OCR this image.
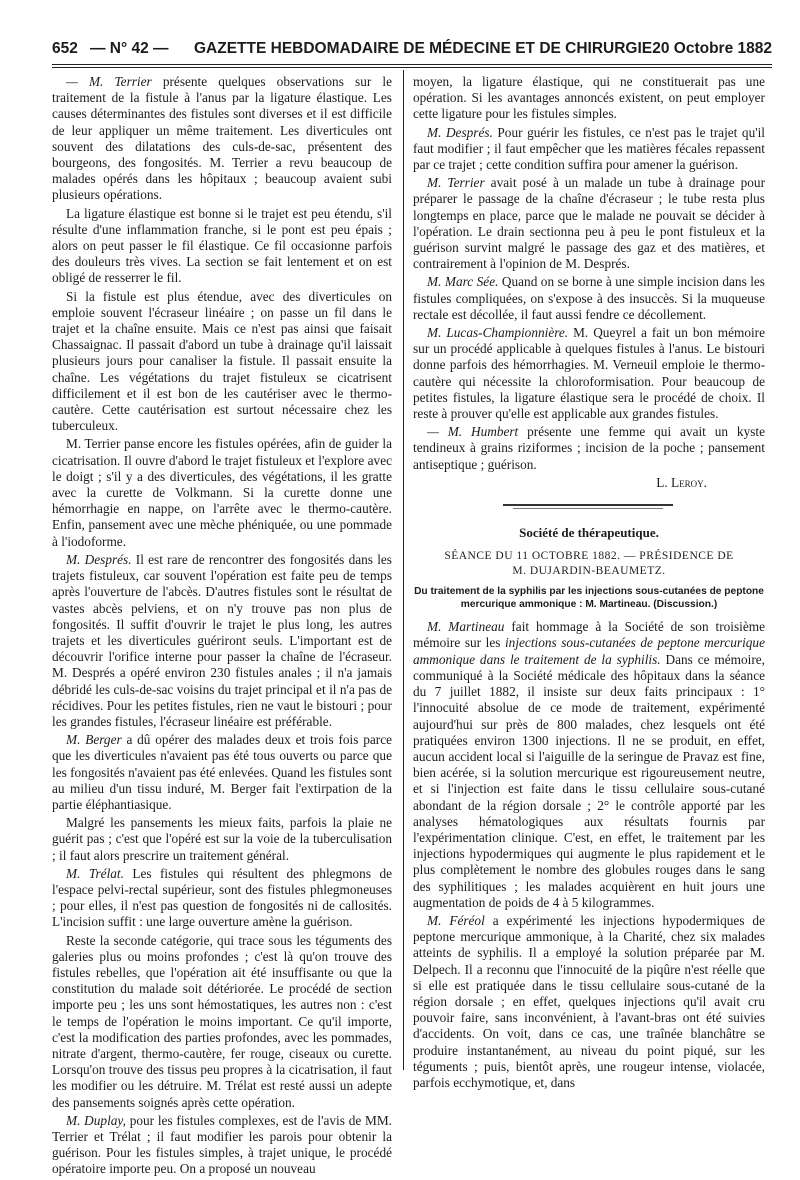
652 — N° 42 — GAZETTE HEBDOMADAIRE DE MÉDECINE ET DE CHIRURGIE 20 Octobre 1882

— M. Terrier présente quelques observations sur le traitement de la fistule à l'anus par la ligature élastique. Les causes déterminantes des fistules sont diverses et il est difficile de leur appliquer un même traitement. Les diverticules ont souvent des dilatations des culs-de-sac, présentent des bourgeons, des fongosités. M. Terrier a revu beaucoup de malades opérés dans les hôpitaux ; beaucoup avaient subi plusieurs opérations.

La ligature élastique est bonne si le trajet est peu étendu, s'il résulte d'une inflammation franche, si le pont est peu épais ; alors on peut passer le fil élastique. Ce fil occasionne parfois des douleurs très vives. La section se fait lentement et on est obligé de resserrer le fil.

Si la fistule est plus étendue, avec des diverticules on emploie souvent l'écraseur linéaire ; on passe un fil dans le trajet et la chaîne ensuite. Mais ce n'est pas ainsi que faisait Chassaignac. Il passait d'abord un tube à drainage qu'il laissait plusieurs jours pour canaliser la fistule. Il passait ensuite la chaîne. Les végétations du trajet fistuleux se cicatrisent difficilement et il est bon de les cautériser avec le thermo-cautère. Cette cautérisation est surtout nécessaire chez les tuberculeux.

M. Terrier panse encore les fistules opérées, afin de guider la cicatrisation. Il ouvre d'abord le trajet fistuleux et l'explore avec le doigt ; s'il y a des diverticules, des végétations, il les gratte avec la curette de Volkmann. Si la curette donne une hémorrhagie en nappe, on l'arrête avec le thermo-cautère. Enfin, pansement avec une mèche phéniquée, ou une pommade à l'iodoforme.

M. Després. Il est rare de rencontrer des fongosités dans les trajets fistuleux, car souvent l'opération est faite peu de temps après l'ouverture de l'abcès. D'autres fistules sont le résultat de vastes abcès pelviens, et on n'y trouve pas non plus de fongosités. Il suffit d'ouvrir le trajet le plus long, les autres trajets et les diverticules guériront seuls. L'important est de découvrir l'orifice interne pour passer la chaîne de l'écraseur. M. Després a opéré environ 230 fistules anales ; il n'a jamais débridé les culs-de-sac voisins du trajet principal et il n'a pas de récidives. Pour les petites fistules, rien ne vaut le bistouri ; pour les grandes fistules, l'écraseur linéaire est préférable.

M. Berger a dû opérer des malades deux et trois fois parce que les diverticules n'avaient pas été tous ouverts ou parce que les fongosités n'avaient pas été enlevées. Quand les fistules sont au milieu d'un tissu induré, M. Berger fait l'extirpation de la partie éléphantiasique.

Malgré les pansements les mieux faits, parfois la plaie ne guérit pas ; c'est que l'opéré est sur la voie de la tuberculisation ; il faut alors prescrire un traitement général.

M. Trélat. Les fistules qui résultent des phlegmons de l'espace pelvi-rectal supérieur, sont des fistules phlegmoneuses ; pour elles, il n'est pas question de fongosités ni de callosités. L'incision suffit : une large ouverture amène la guérison.

Reste la seconde catégorie, qui trace sous les téguments des galeries plus ou moins profondes ; c'est là qu'on trouve des fistules rebelles, que l'opération ait été insuffisante ou que la constitution du malade soit détériorée. Le procédé de section importe peu ; les uns sont hémostatiques, les autres non : c'est le temps de l'opération le moins important. Ce qu'il importe, c'est la modification des parties profondes, avec les pommades, nitrate d'argent, thermo-cautère, fer rouge, ciseaux ou curette. Lorsqu'on trouve des tissus peu propres à la cicatrisation, il faut les modifier ou les détruire. M. Trélat est resté aussi un adepte des pansements soignés après cette opération.

M. Duplay, pour les fistules complexes, est de l'avis de MM. Terrier et Trélat ; il faut modifier les parois pour obtenir la guérison. Pour les fistules simples, à trajet unique, le procédé opératoire importe peu. On a proposé un nouveau

moyen, la ligature élastique, qui ne constituerait pas une opération. Si les avantages annoncés existent, on peut employer cette ligature pour les fistules simples.

M. Després. Pour guérir les fistules, ce n'est pas le trajet qu'il faut modifier ; il faut empêcher que les matières fécales repassent par ce trajet ; cette condition suffira pour amener la guérison.

M. Terrier avait posé à un malade un tube à drainage pour préparer le passage de la chaîne d'écraseur ; le tube resta plus longtemps en place, parce que le malade ne pouvait se décider à l'opération. Le drain sectionna peu à peu le pont fistuleux et la guérison survint malgré le passage des gaz et des matières, et contrairement à l'opinion de M. Després.

M. Marc Sée. Quand on se borne à une simple incision dans les fistules compliquées, on s'expose à des insuccès. Si la muqueuse rectale est décollée, il faut aussi fendre ce décollement.

M. Lucas-Championnière. M. Queyrel a fait un bon mémoire sur un procédé applicable à quelques fistules à l'anus. Le bistouri donne parfois des hémorrhagies. M. Verneuil emploie le thermo-cautère qui nécessite la chloroformisation. Pour beaucoup de petites fistules, la ligature élastique sera le procédé de choix. Il reste à prouver qu'elle est applicable aux grandes fistules.

— M. Humbert présente une femme qui avait un kyste tendineux à grains riziformes ; incision de la poche ; pansement antiseptique ; guérison.

L. Leroy.

Société de thérapeutique.
SÉANCE DU 11 OCTOBRE 1882. — PRÉSIDENCE DE
M. DUJARDIN-BEAUMETZ.
Du traitement de la syphilis par les injections sous-cutanées de peptone mercurique ammonique : M. Martineau. (Discussion.)

M. Martineau fait hommage à la Société de son troisième mémoire sur les injections sous-cutanées de peptone mercurique ammonique dans le traitement de la syphilis. Dans ce mémoire, communiqué à la Société médicale des hôpitaux dans la séance du 7 juillet 1882, il insiste sur deux faits principaux : 1° l'innocuité absolue de ce mode de traitement, expérimenté aujourd'hui sur près de 800 malades, chez lesquels ont été pratiquées environ 1300 injections. Il ne se produit, en effet, aucun accident local si l'aiguille de la seringue de Pravaz est fine, bien acérée, si la solution mercurique est rigoureusement neutre, et si l'injection est faite dans le tissu cellulaire sous-cutané abondant de la région dorsale ; 2° le contrôle apporté par les analyses hématologiques aux résultats fournis par l'expérimentation clinique. C'est, en effet, le traitement par les injections hypodermiques qui augmente le plus rapidement et le plus complètement le nombre des globules rouges dans le sang des syphilitiques ; les malades acquièrent en huit jours une augmentation de poids de 4 à 5 kilogrammes.

M. Féréol a expérimenté les injections hypodermiques de peptone mercurique ammonique, à la Charité, chez six malades atteints de syphilis. Il a employé la solution préparée par M. Delpech. Il a reconnu que l'innocuité de la piqûre n'est réelle que si elle est pratiquée dans le tissu cellulaire sous-cutané de la région dorsale ; en effet, quelques injections qu'il avait cru pouvoir faire, sans inconvénient, à l'avant-bras ont été suivies d'accidents. On voit, dans ce cas, une traînée blanchâtre se produire instantanément, au niveau du point piqué, sur les téguments ; puis, bientôt après, une rougeur intense, violacée, parfois ecchymotique, et, dans
